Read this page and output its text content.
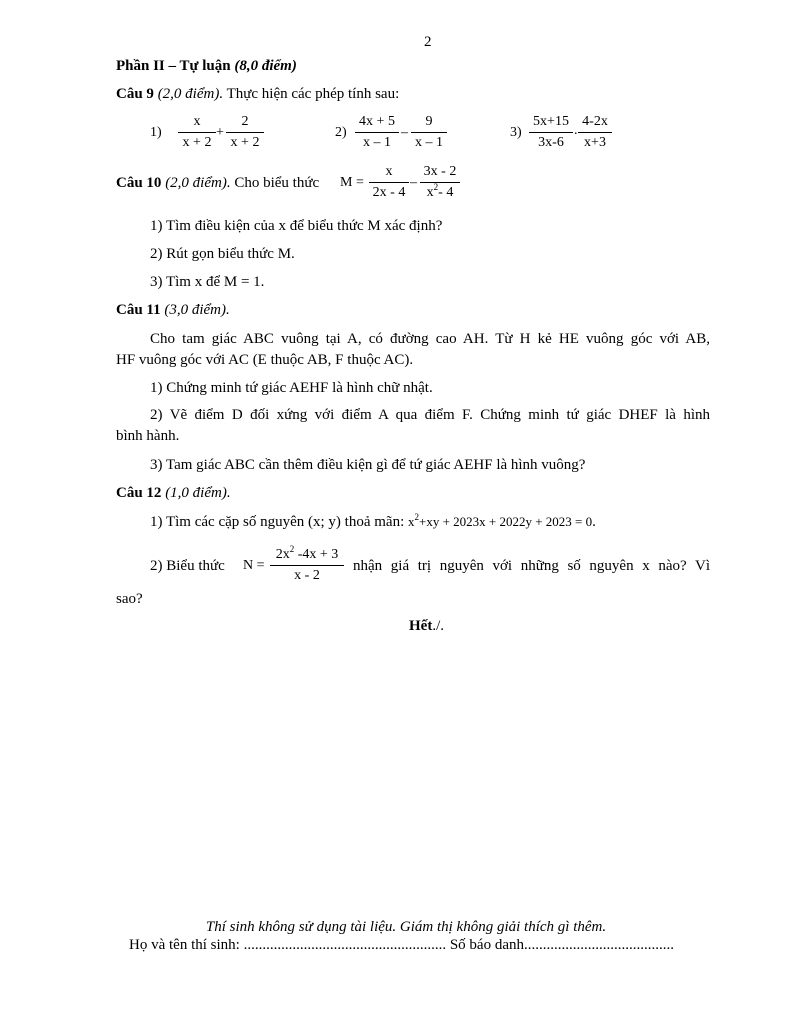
2
Phần II – Tự luận (8,0 điểm)
Câu 9 (2,0 điểm). Thực hiện các phép tính sau:
$1) \frac{x}{x + 2} + \frac{2}{x + 2}$	$2) \frac{4x + 5}{x - 1} - \frac{9}{x - 1}$	$3) \frac{5x+15}{3x-6}$ . $\frac{4-2x}{x+3}$
Câu 10 (2,0 điểm). Cho biểu thức $M = \frac{x}{2x - 4} - \frac{3x - 2}{x^2- 4}$
1) Tìm điều kiện của x để biểu thức M xác định?
2) Rút gọn biểu thức M.
3) Tìm x để M = 1.
Câu 11 (3,0 điểm).
Cho tam giác ABC vuông tại A, có đường cao AH. Từ H kẻ HE vuông góc với AB,
HF vuông góc với AC (E thuộc AB, F thuộc AC).
1) Chứng minh tứ giác AEHF là hình chữ nhật.
2) Vẽ điểm D đối xứng với điểm A qua điểm F. Chứng minh tứ giác DHEF là hình
bình hành.
3) Tam giác ABC cần thêm điều kiện gì để tứ giác AEHF là hình vuông?
Câu 12 (1,0 điểm).
1) Tìm các cặp số nguyên (x; y) thoả mãn: $x^2+xy + 2023x + 2022y + 2023 = 0$.
2) Biểu thức $N = \frac{2x^2 -4x + 3}{x - 2}$ nhận giá trị nguyên với những số nguyên x nào? Vì
sao?
Hết./.
Thí sinh không sử dụng tài liệu. Giám thị không giải thích gì thêm.
Họ và tên thí sinh: ...................................................... Số báo danh........................................
